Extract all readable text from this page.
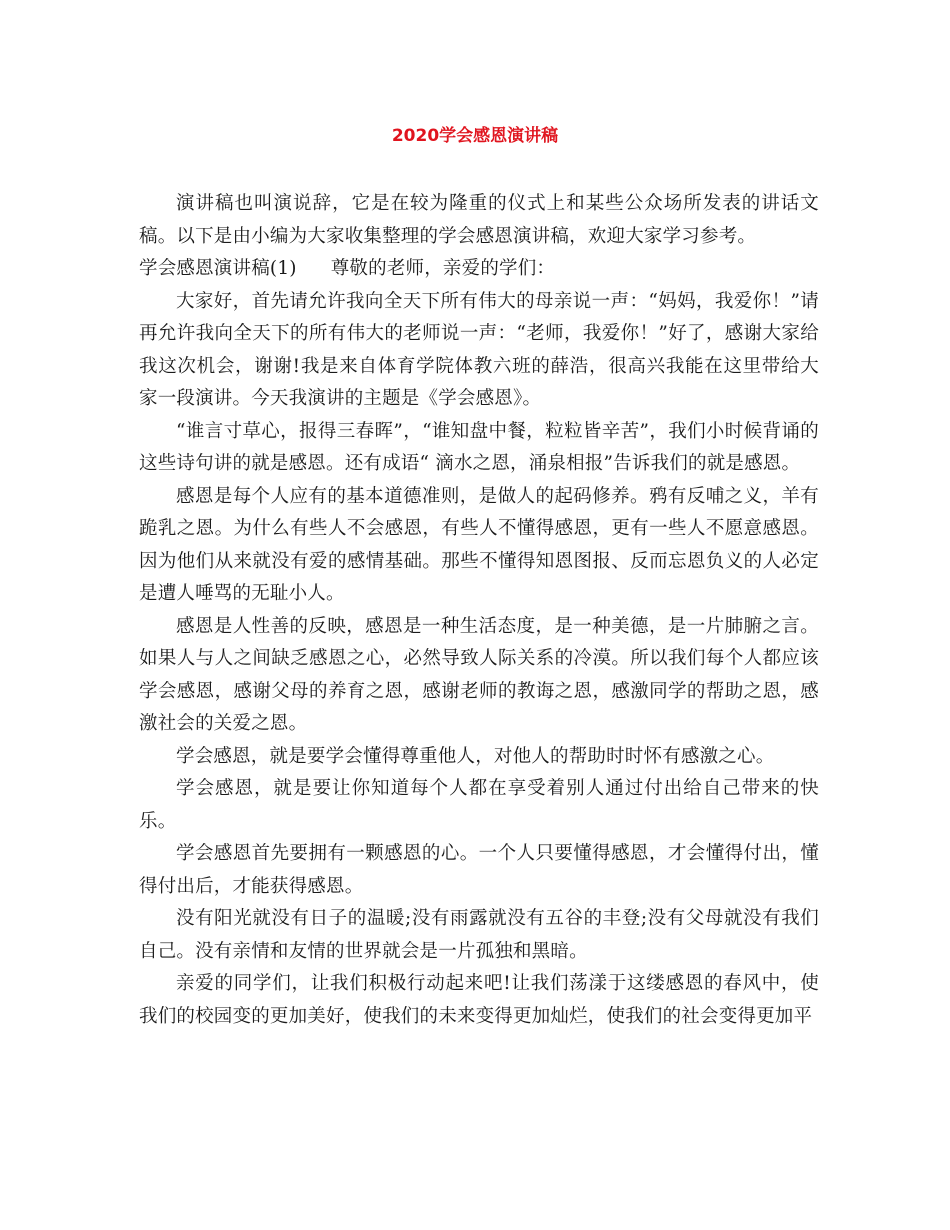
2020学会感恩演讲稿

演讲稿也叫演说辞，它是在较为隆重的仪式上和某些公众场所发表的讲话文稿。以下是由小编为大家收集整理的学会感恩演讲稿，欢迎大家学习参考。

学会感恩演讲稿(1) 尊敬的老师，亲爱的学们：

大家好，首先请允许我向全天下所有伟大的母亲说一声：“妈妈，我爱你！”请再允许我向全天下的所有伟大的老师说一声：“老师，我爱你！”好了，感谢大家给我这次机会，谢谢!我是来自体育学院体教六班的薛浩，很高兴我能在这里带给大家一段演讲。今天我演讲的主题是《学会感恩》。

“谁言寸草心，报得三春晖”，“谁知盘中餐，粒粒皆辛苦”，我们小时候背诵的这些诗句讲的就是感恩。还有成语“ 滴水之恩，涌泉相报”告诉我们的就是感恩。

感恩是每个人应有的基本道德准则，是做人的起码修养。鸦有反哺之义，羊有跪乳之恩。为什么有些人不会感恩，有些人不懂得感恩，更有一些人不愿意感恩。因为他们从来就没有爱的感情基础。那些不懂得知恩图报、反而忘恩负义的人必定是遭人唾骂的无耻小人。

感恩是人性善的反映，感恩是一种生活态度，是一种美德，是一片肺腑之言。如果人与人之间缺乏感恩之心，必然导致人际关系的冷漠。所以我们每个人都应该学会感恩，感谢父母的养育之恩，感谢老师的教诲之恩，感激同学的帮助之恩，感激社会的关爱之恩。

学会感恩，就是要学会懂得尊重他人，对他人的帮助时时怀有感激之心。

学会感恩，就是要让你知道每个人都在享受着别人通过付出给自己带来的快乐。

学会感恩首先要拥有一颗感恩的心。一个人只要懂得感恩，才会懂得付出，懂得付出后，才能获得感恩。

没有阳光就没有日子的温暖;没有雨露就没有五谷的丰登;没有父母就没有我们自己。没有亲情和友情的世界就会是一片孤独和黑暗。

亲爱的同学们，让我们积极行动起来吧!让我们荡漾于这缕感恩的春风中，使我们的校园变的更加美好，使我们的未来变得更加灿烂，使我们的社会变得更加平
